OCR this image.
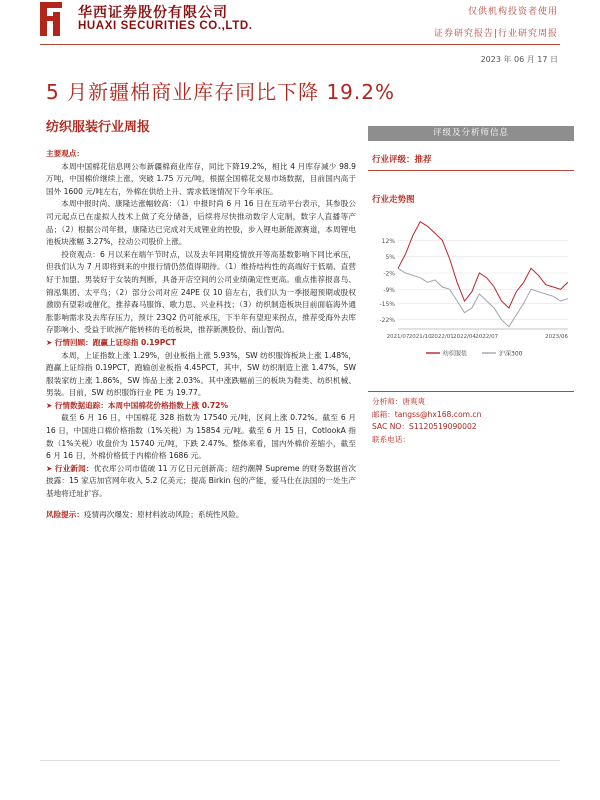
华西证券股份有限公司
HUAXI SECURITIES CO.,LTD.
仅供机构投资者使用
证券研究报告|行业研究周报
2023 年 06 月 17 日
5 月新疆棉商业库存同比下降 19.2%
纺织服装行业周报

主要观点：

本周中国棉花信息网公布新疆棉商业库存，同比下降19.2%，相比 4 月库存减少 98.9 万吨，中国棉价继续上涨，突破 1.75 万元/吨，根据全国棉花交易市场数据，目前国内高于国外 1600 元/吨左右，外棉在供给上升、需求低迷情况下今年承压。

本周中报时尚、康隆达涨幅较高：（1）中报时尚 6 月 16 日在互动平台表示，其参股公司元起点已在虚拟人技术上做了充分储备，后续将尽快推动数字人定制，数字人直播等产品；（2）根据公司年报，康隆达已完成对天成锂业的控股，步入锂电新能源赛道，本周锂电池板块涨幅 3.27%，拉动公司股价上涨。

投资观点：6 月以来在端午节时点，以及去年同期疫情放开等高基数影响下同比承压，但我们认为 7 月即将到来的中报行情仍然值得期待。（1）维持结构性的高端好于低端、直营好于加盟、男装好于女装的判断，具备开店空间的公司业绩确定性更高。重点推荐报喜鸟、锦泓集团、太平鸟；（2）部分公司对应 24PE 仅 10 倍左右，我们认为一季报超预期或股权激励有望彩或催化，推荐森马服饰、歌力思、兴业科技；（3）纺织制造板块目前面临海外通胀影响需求及去库存压力，预计 23Q2 仍可能承压，下半年有望迎来拐点，推荐受海外去库存影响小、受益于欧洲产能转移的毛纺板块，推荐新澳股份、南山智尚。

➤ 行情回顾：跑赢上证综指 0.19PCT

本周，上证指数上涨 1.29%，创业板指上涨 5.93%，SW 纺织服饰板块上涨 1.48%，跑赢上证综指 0.19PCT，跑输创业板指 4.45PCT，其中，SW 纺织制造上涨 1.47%，SW 服装家纺上涨 1.86%，SW 饰品上涨 2.03%。其中涨跌幅前三的板块为鞋类、纺织机械、男装。目前，SW 纺织服饰行业 PE 为 19.77。

➤ 行情数据追踪：本周中国棉花价格指数上涨 0.72%

截至 6 月 16 日，中国棉花 328 指数为 17540 元/吨，区间上涨 0.72%。截至 6 月 16 日，中国进口棉价格指数（1%关税）为 15854 元/吨。截至 6 月 15 日，CotlookA 指数（1%关税）收盘价为 15740 元/吨，下跌 2.47%。整体来看，国内外棉价差缩小，截至 6 月 16 日，外棉价格低于内棉价格 1686 元。

➤ 行业新闻：优衣库公司市值破 11 万亿日元创新高；纽约潮牌 Supreme 的财务数据首次披露：15 家店加官网年收入 5.2 亿美元；提高 Birkin 包的产能，爱马仕在法国的一处生产基地将迁址扩容。

风险提示：疫情再次爆发；原材料波动风险；系统性风险。

评级及分析师信息
行业评级：推荐
行业走势图
12%
5%
-2%
-9%
-15%
-22%
2021/07 2021/10 2022/01 2022/04 2022/07	2023/06
纺织服装	沪深300
分析师：唐爽爽
邮箱：tangss@hx168.com.cn
SAC NO：S1120519090002
联系电话：
